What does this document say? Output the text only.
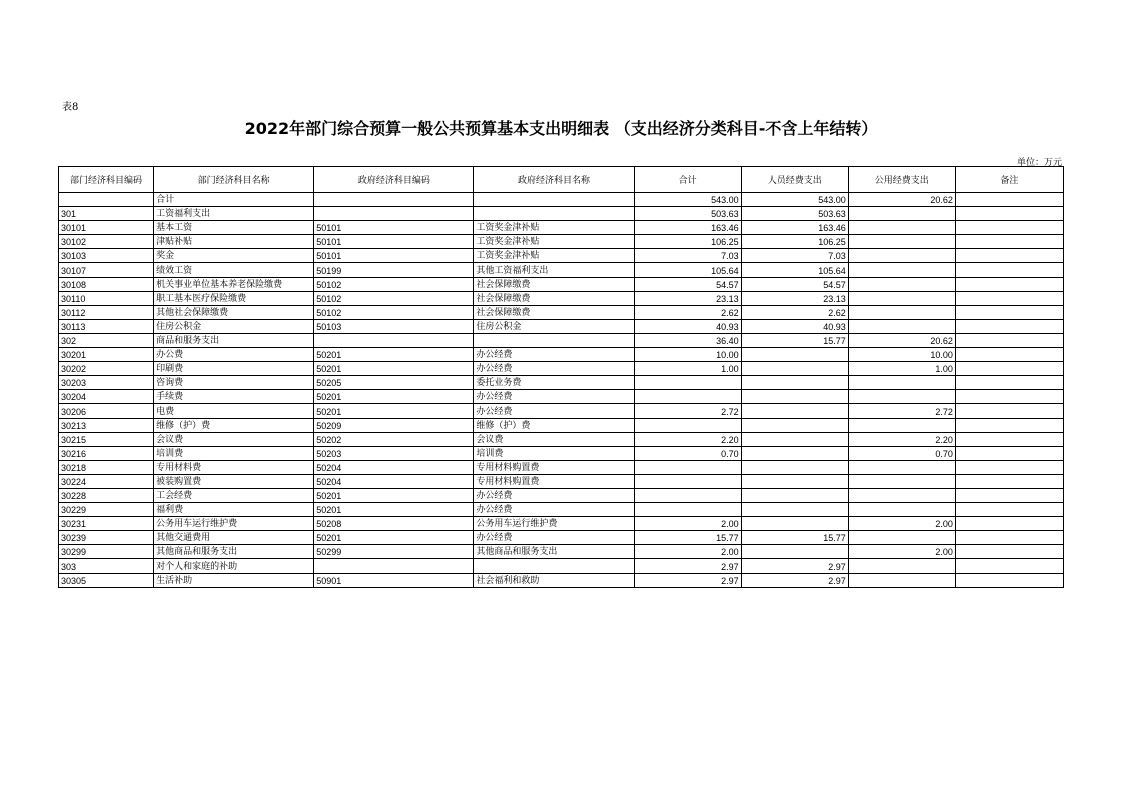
表8
2022年部门综合预算一般公共预算基本支出明细表 （支出经济分类科目-不含上年结转）
单位：万元
部门经济科目编码	部门经济科目名称	政府经济科目编码	政府经济科目名称	合计	人员经费支出	公用经费支出	备注
	合计			543.00	543.00	20.62	
301	工资福利支出			503.63	503.63		
30101	基本工资	50101	工资奖金津补贴	163.46	163.46		
30102	津贴补贴	50101	工资奖金津补贴	106.25	106.25		
30103	奖金	50101	工资奖金津补贴	7.03	7.03		
30107	绩效工资	50199	其他工资福利支出	105.64	105.64		
30108	机关事业单位基本养老保险缴费	50102	社会保障缴费	54.57	54.57		
30110	职工基本医疗保险缴费	50102	社会保障缴费	23.13	23.13		
30112	其他社会保障缴费	50102	社会保障缴费	2.62	2.62		
30113	住房公积金	50103	住房公积金	40.93	40.93		
302	商品和服务支出			36.40	15.77	20.62	
30201	办公费	50201	办公经费	10.00		10.00	
30202	印刷费	50201	办公经费	1.00		1.00	
30203	咨询费	50205	委托业务费				
30204	手续费	50201	办公经费				
30206	电费	50201	办公经费	2.72		2.72	
30213	维修（护）费	50209	维修（护）费				
30215	会议费	50202	会议费	2.20		2.20	
30216	培训费	50203	培训费	0.70		0.70	
30218	专用材料费	50204	专用材料购置费				
30224	被装购置费	50204	专用材料购置费				
30228	工会经费	50201	办公经费				
30229	福利费	50201	办公经费				
30231	公务用车运行维护费	50208	公务用车运行维护费	2.00		2.00	
30239	其他交通费用	50201	办公经费	15.77	15.77		
30299	其他商品和服务支出	50299	其他商品和服务支出	2.00		2.00	
303	对个人和家庭的补助			2.97	2.97		
30305	生活补助	50901	社会福利和救助	2.97	2.97		
